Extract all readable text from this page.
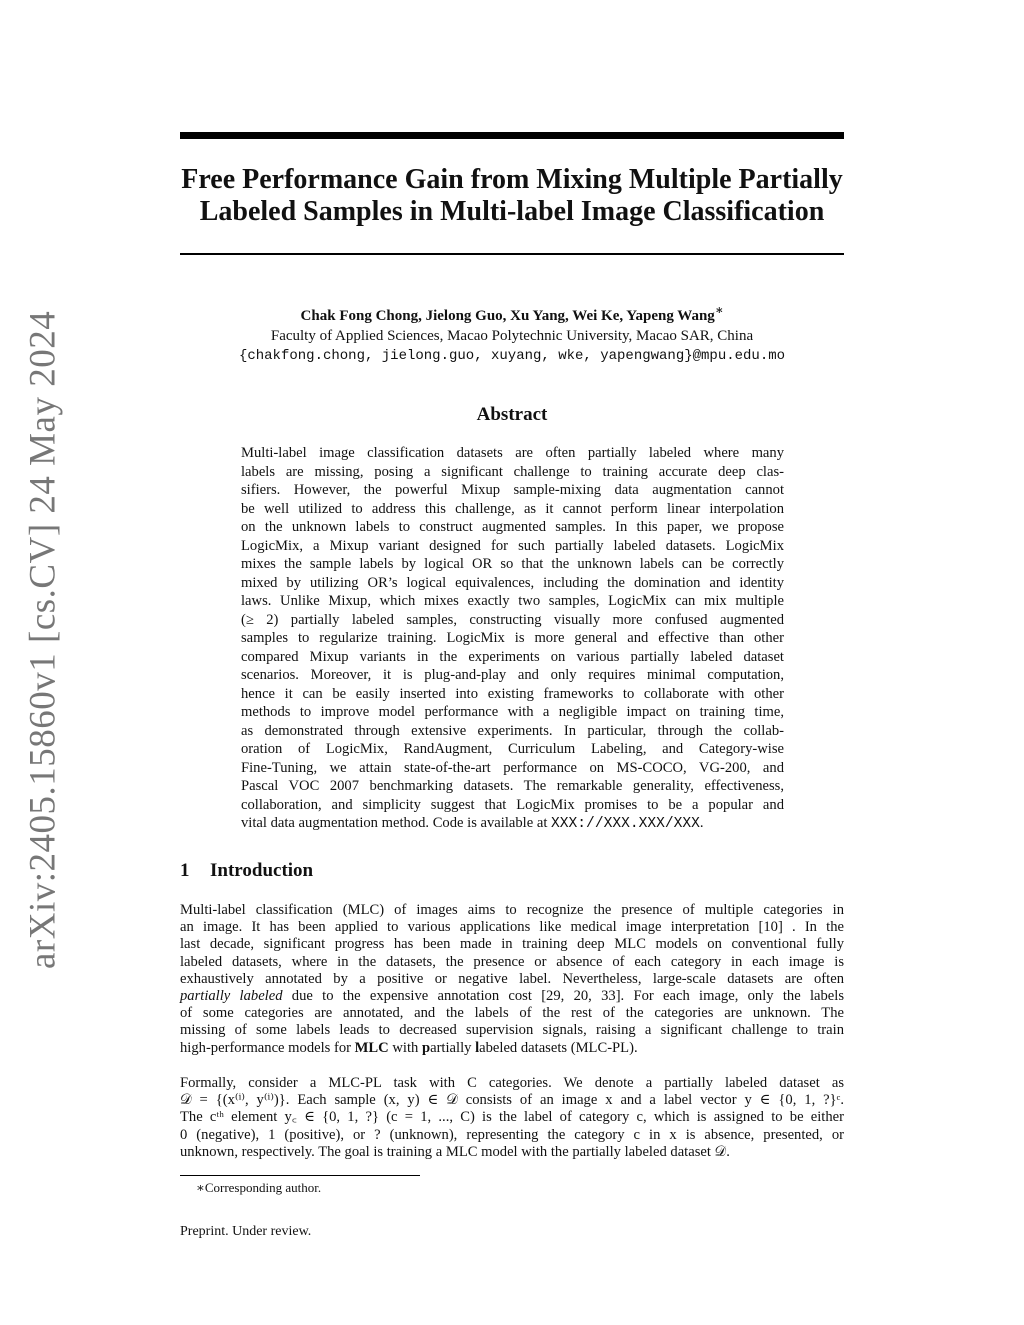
arXiv:2405.15860v1 [cs.CV] 24 May 2024
Free Performance Gain from Mixing Multiple Partially
Labeled Samples in Multi-label Image Classification
Chak Fong Chong, Jielong Guo, Xu Yang, Wei Ke, Yapeng Wang∗
Faculty of Applied Sciences, Macao Polytechnic University, Macao SAR, China
{chakfong.chong, jielong.guo, xuyang, wke, yapengwang}@mpu.edu.mo
Abstract
Multi-label image classification datasets are often partially labeled where many
labels are missing, posing a significant challenge to training accurate deep clas-
sifiers. However, the powerful Mixup sample-mixing data augmentation cannot
be well utilized to address this challenge, as it cannot perform linear interpolation
on the unknown labels to construct augmented samples. In this paper, we propose
LogicMix, a Mixup variant designed for such partially labeled datasets. LogicMix
mixes the sample labels by logical OR so that the unknown labels can be correctly
mixed by utilizing OR’s logical equivalences, including the domination and identity
laws. Unlike Mixup, which mixes exactly two samples, LogicMix can mix multiple
(≥ 2) partially labeled samples, constructing visually more confused augmented
samples to regularize training. LogicMix is more general and effective than other
compared Mixup variants in the experiments on various partially labeled dataset
scenarios. Moreover, it is plug-and-play and only requires minimal computation,
hence it can be easily inserted into existing frameworks to collaborate with other
methods to improve model performance with a negligible impact on training time,
as demonstrated through extensive experiments. In particular, through the collab-
oration of LogicMix, RandAugment, Curriculum Labeling, and Category-wise
Fine-Tuning, we attain state-of-the-art performance on MS-COCO, VG-200, and
Pascal VOC 2007 benchmarking datasets. The remarkable generality, effectiveness,
collaboration, and simplicity suggest that LogicMix promises to be a popular and
vital data augmentation method. Code is available at XXX://XXX.XXX/XXX.
1 Introduction
Multi-label classification (MLC) of images aims to recognize the presence of multiple categories in
an image. It has been applied to various applications like medical image interpretation [10] . In the
last decade, significant progress has been made in training deep MLC models on conventional fully
labeled datasets, where in the datasets, the presence or absence of each category in each image is
exhaustively annotated by a positive or negative label. Nevertheless, large-scale datasets are often
partially labeled due to the expensive annotation cost [29, 20, 33]. For each image, only the labels
of some categories are annotated, and the labels of the rest of the categories are unknown. The
missing of some labels leads to decreased supervision signals, raising a significant challenge to train
high-performance models for MLC with partially labeled datasets (MLC-PL).
Formally, consider a MLC-PL task with C categories. We denote a partially labeled dataset as
𝒟 = {(x⁽ⁱ⁾, y⁽ⁱ⁾)}. Each sample (x, y) ∈ 𝒟 consists of an image x and a label vector y ∈ {0, 1, ?}ᶜ.
The cᵗʰ element y꜀ ∈ {0, 1, ?} (c = 1, ..., C) is the label of category c, which is assigned to be either
0 (negative), 1 (positive), or ? (unknown), representing the category c in x is absence, presented, or
unknown, respectively. The goal is training a MLC model with the partially labeled dataset 𝒟.
∗Corresponding author.
Preprint. Under review.
